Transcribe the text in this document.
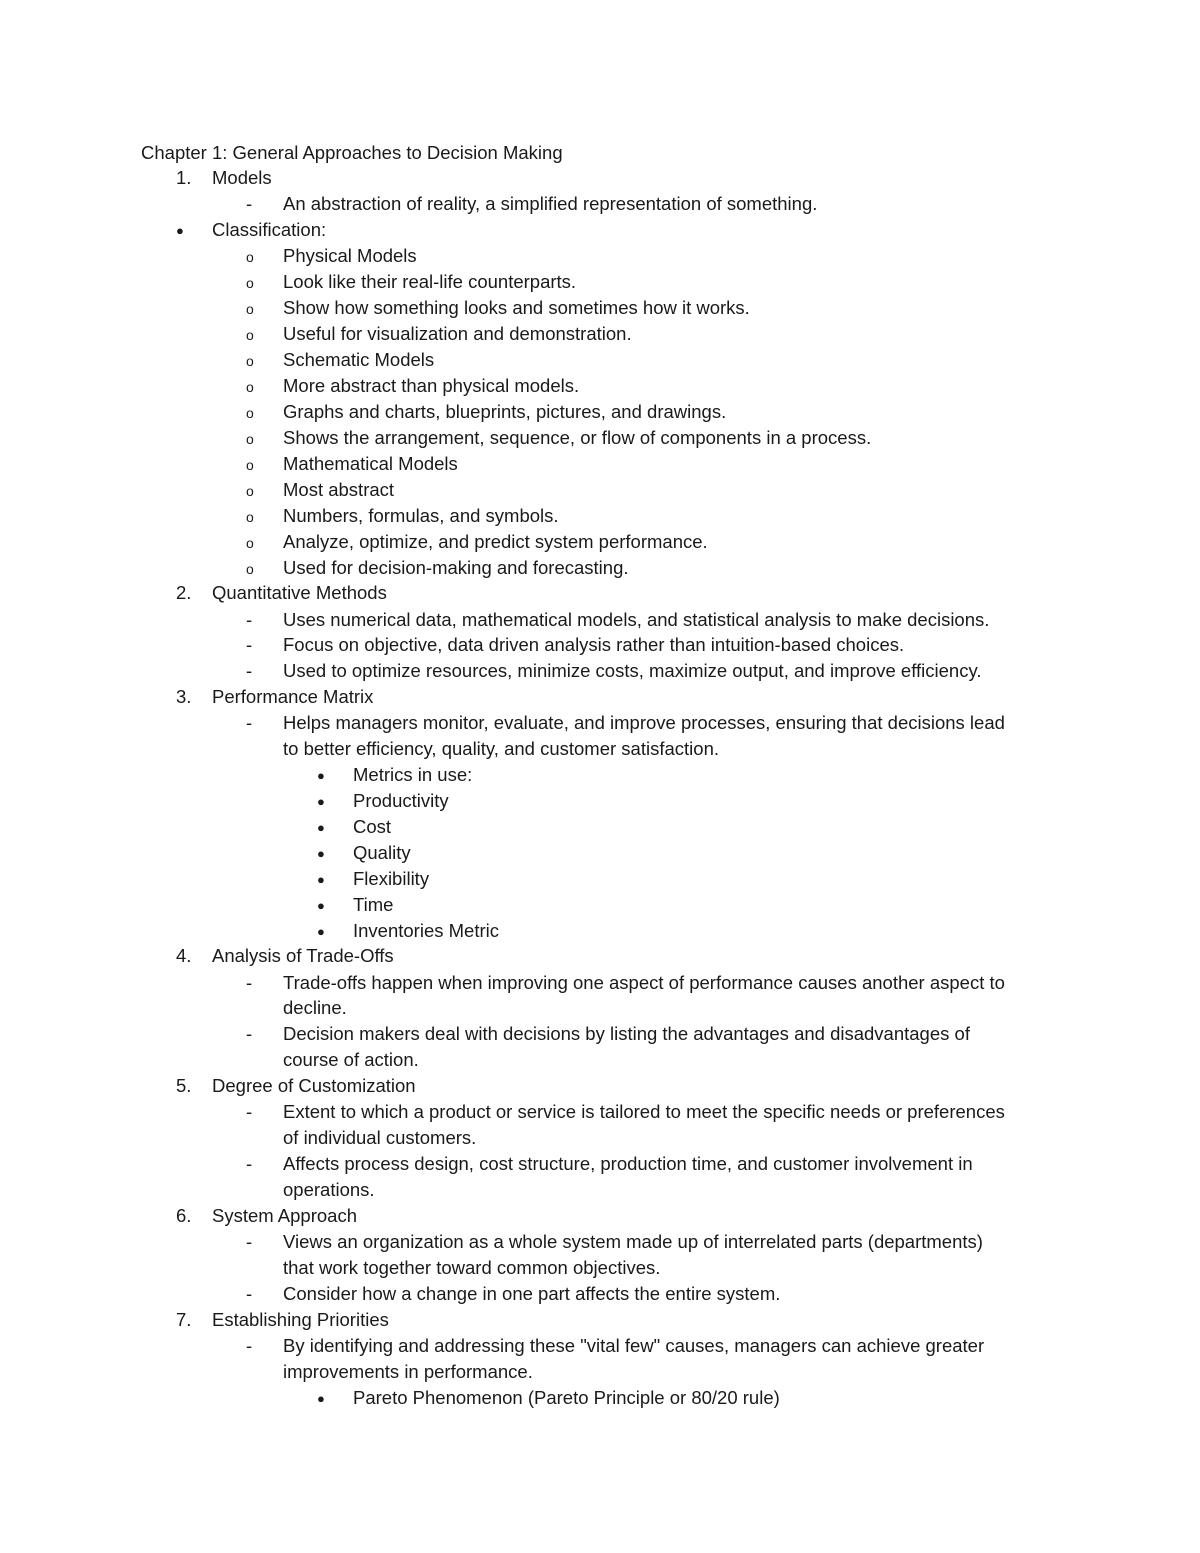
Chapter 1: General Approaches to Decision Making
1. Models
- An abstraction of reality, a simplified representation of something.
● Classification:
o Physical Models
o Look like their real-life counterparts.
o Show how something looks and sometimes how it works.
o Useful for visualization and demonstration.
o Schematic Models
o More abstract than physical models.
o Graphs and charts, blueprints, pictures, and drawings.
o Shows the arrangement, sequence, or flow of components in a process.
o Mathematical Models
o Most abstract
o Numbers, formulas, and symbols.
o Analyze, optimize, and predict system performance.
o Used for decision-making and forecasting.
2. Quantitative Methods
- Uses numerical data, mathematical models, and statistical analysis to make decisions.
- Focus on objective, data driven analysis rather than intuition-based choices.
- Used to optimize resources, minimize costs, maximize output, and improve efficiency.
3. Performance Matrix
- Helps managers monitor, evaluate, and improve processes, ensuring that decisions lead
to better efficiency, quality, and customer satisfaction.
● Metrics in use:
● Productivity
● Cost
● Quality
● Flexibility
● Time
● Inventories Metric
4. Analysis of Trade-Offs
- Trade-offs happen when improving one aspect of performance causes another aspect to
decline.
- Decision makers deal with decisions by listing the advantages and disadvantages of
course of action.
5. Degree of Customization
- Extent to which a product or service is tailored to meet the specific needs or preferences
of individual customers.
- Affects process design, cost structure, production time, and customer involvement in
operations.
6. System Approach
- Views an organization as a whole system made up of interrelated parts (departments)
that work together toward common objectives.
- Consider how a change in one part affects the entire system.
7. Establishing Priorities
- By identifying and addressing these "vital few" causes, managers can achieve greater
improvements in performance.
● Pareto Phenomenon (Pareto Principle or 80/20 rule)
